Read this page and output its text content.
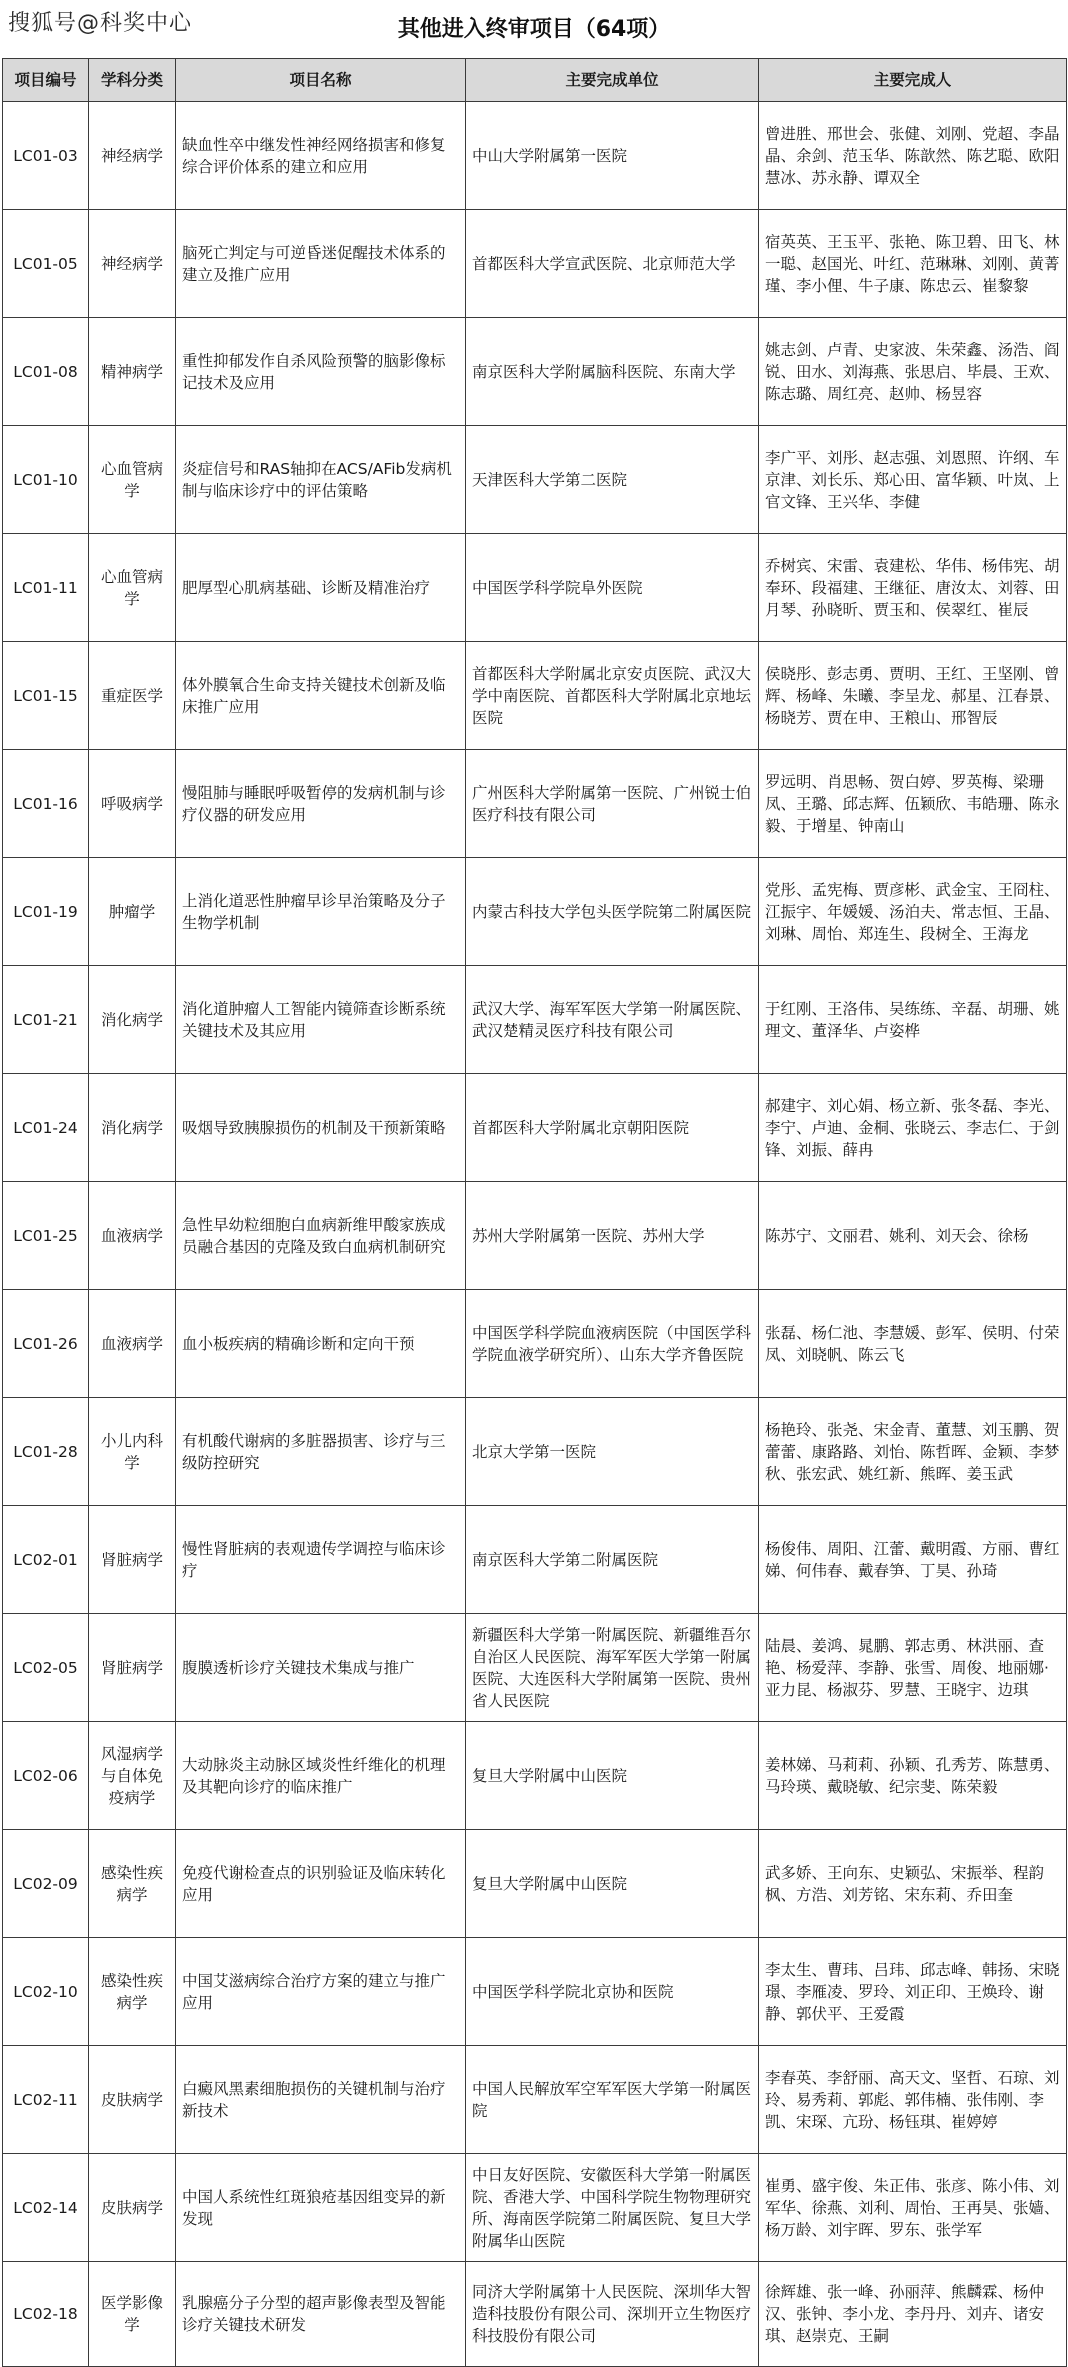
其他进入终审项目（64项）
搜狐号@科奖中心
项目编号	学科分类	项目名称	主要完成单位	主要完成人
LC01-03	神经病学	缺血性卒中继发性神经网络损害和修复综合评价体系的建立和应用	中山大学附属第一医院	曾进胜、邢世会、张健、刘刚、党超、李晶晶、余剑、范玉华、陈歆然、陈艺聪、欧阳慧冰、苏永静、谭双全
LC01-05	神经病学	脑死亡判定与可逆昏迷促醒技术体系的建立及推广应用	首都医科大学宣武医院、北京师范大学	宿英英、王玉平、张艳、陈卫碧、田飞、林一聪、赵国光、叶红、范琳琳、刘刚、黄菁瑾、李小俚、牛子康、陈忠云、崔黎黎
LC01-08	精神病学	重性抑郁发作自杀风险预警的脑影像标记技术及应用	南京医科大学附属脑科医院、东南大学	姚志剑、卢青、史家波、朱荣鑫、汤浩、阎锐、田水、刘海燕、张思启、毕晨、王欢、陈志璐、周红亮、赵帅、杨昱容
LC01-10	心血管病学	炎症信号和RAS轴抑在ACS/AFib发病机制与临床诊疗中的评估策略	天津医科大学第二医院	李广平、刘彤、赵志强、刘恩照、许纲、车京津、刘长乐、郑心田、富华颖、叶岚、上官文锋、王兴华、李健
LC01-11	心血管病学	肥厚型心肌病基础、诊断及精准治疗	中国医学科学院阜外医院	乔树宾、宋雷、袁建松、华伟、杨伟宪、胡奉环、段福建、王继征、唐汝太、刘蓉、田月琴、孙晓昕、贾玉和、侯翠红、崔辰
LC01-15	重症医学	体外膜氧合生命支持关键技术创新及临床推广应用	首都医科大学附属北京安贞医院、武汉大学中南医院、首都医科大学附属北京地坛医院	侯晓彤、彭志勇、贾明、王红、王坚刚、曾辉、杨峰、朱曦、李呈龙、郝星、江春景、杨晓芳、贾在申、王粮山、邢智辰
LC01-16	呼吸病学	慢阻肺与睡眠呼吸暂停的发病机制与诊疗仪器的研发应用	广州医科大学附属第一医院、广州锐士伯医疗科技有限公司	罗远明、肖思畅、贺白婷、罗英梅、梁珊凤、王璐、邱志辉、伍颖欣、韦皓珊、陈永毅、于增星、钟南山
LC01-19	肿瘤学	上消化道恶性肿瘤早诊早治策略及分子生物学机制	内蒙古科技大学包头医学院第二附属医院	党彤、孟宪梅、贾彦彬、武金宝、王冏柱、江振宇、年媛媛、汤泊夫、常志恒、王晶、刘琳、周怡、郑连生、段树全、王海龙
LC01-21	消化病学	消化道肿瘤人工智能内镜筛查诊断系统关键技术及其应用	武汉大学、海军军医大学第一附属医院、武汉楚精灵医疗科技有限公司	于红刚、王洛伟、吴练练、辛磊、胡珊、姚理文、董泽华、卢姿桦
LC01-24	消化病学	吸烟导致胰腺损伤的机制及干预新策略	首都医科大学附属北京朝阳医院	郝建宇、刘心娟、杨立新、张冬磊、李光、李宁、卢迪、金桐、张晓云、李志仁、于剑锋、刘振、薛冉
LC01-25	血液病学	急性早幼粒细胞白血病新维甲酸家族成员融合基因的克隆及致白血病机制研究	苏州大学附属第一医院、苏州大学	陈苏宁、文丽君、姚利、刘天会、徐杨
LC01-26	血液病学	血小板疾病的精确诊断和定向干预	中国医学科学院血液病医院（中国医学科学院血液学研究所）、山东大学齐鲁医院	张磊、杨仁池、李慧媛、彭军、侯明、付荣凤、刘晓帆、陈云飞
LC01-28	小儿内科学	有机酸代谢病的多脏器损害、诊疗与三级防控研究	北京大学第一医院	杨艳玲、张尧、宋金青、董慧、刘玉鹏、贺蕾蕾、康路路、刘怡、陈哲晖、金颖、李梦秋、张宏武、姚红新、熊晖、姜玉武
LC02-01	肾脏病学	慢性肾脏病的表观遗传学调控与临床诊疗	南京医科大学第二附属医院	杨俊伟、周阳、江蕾、戴明霞、方丽、曹红娣、何伟春、戴春笋、丁昊、孙琦
LC02-05	肾脏病学	腹膜透析诊疗关键技术集成与推广	新疆医科大学第一附属医院、新疆维吾尔自治区人民医院、海军军医大学第一附属医院、大连医科大学附属第一医院、贵州省人民医院	陆晨、姜鸿、晁鹏、郭志勇、林洪丽、查艳、杨爱萍、李静、张雪、周俊、地丽娜·亚力昆、杨淑芬、罗慧、王晓宇、边琪
LC02-06	风湿病学与自体免疫病学	大动脉炎主动脉区域炎性纤维化的机理及其靶向诊疗的临床推广	复旦大学附属中山医院	姜林娣、马莉莉、孙颖、孔秀芳、陈慧勇、马玲瑛、戴晓敏、纪宗斐、陈荣毅
LC02-09	感染性疾病学	免疫代谢检查点的识别验证及临床转化应用	复旦大学附属中山医院	武多娇、王向东、史颖弘、宋振举、程韵枫、方浩、刘芳铭、宋东莉、乔田奎
LC02-10	感染性疾病学	中国艾滋病综合治疗方案的建立与推广应用	中国医学科学院北京协和医院	李太生、曹玮、吕玮、邱志峰、韩扬、宋晓璟、李雁凌、罗玲、刘正印、王焕玲、谢静、郭伏平、王爱霞
LC02-11	皮肤病学	白癜风黑素细胞损伤的关键机制与治疗新技术	中国人民解放军空军军医大学第一附属医院	李春英、李舒丽、高天文、坚哲、石琼、刘玲、易秀莉、郭彪、郭伟楠、张伟刚、李凯、宋琛、亢玢、杨钰琪、崔婷婷
LC02-14	皮肤病学	中国人系统性红斑狼疮基因组变异的新发现	中日友好医院、安徽医科大学第一附属医院、香港大学、中国科学院生物物理研究所、海南医学院第二附属医院、复旦大学附属华山医院	崔勇、盛宇俊、朱正伟、张彦、陈小伟、刘军华、徐燕、刘利、周怡、王再昊、张嫱、杨万龄、刘宇晖、罗东、张学军
LC02-18	医学影像学	乳腺癌分子分型的超声影像表型及智能诊疗关键技术研发	同济大学附属第十人民医院、深圳华大智造科技股份有限公司、深圳开立生物医疗科技股份有限公司	徐辉雄、张一峰、孙丽萍、熊麟霖、杨仲汉、张钟、李小龙、李丹丹、刘卉、诸安琪、赵崇克、王嗣
